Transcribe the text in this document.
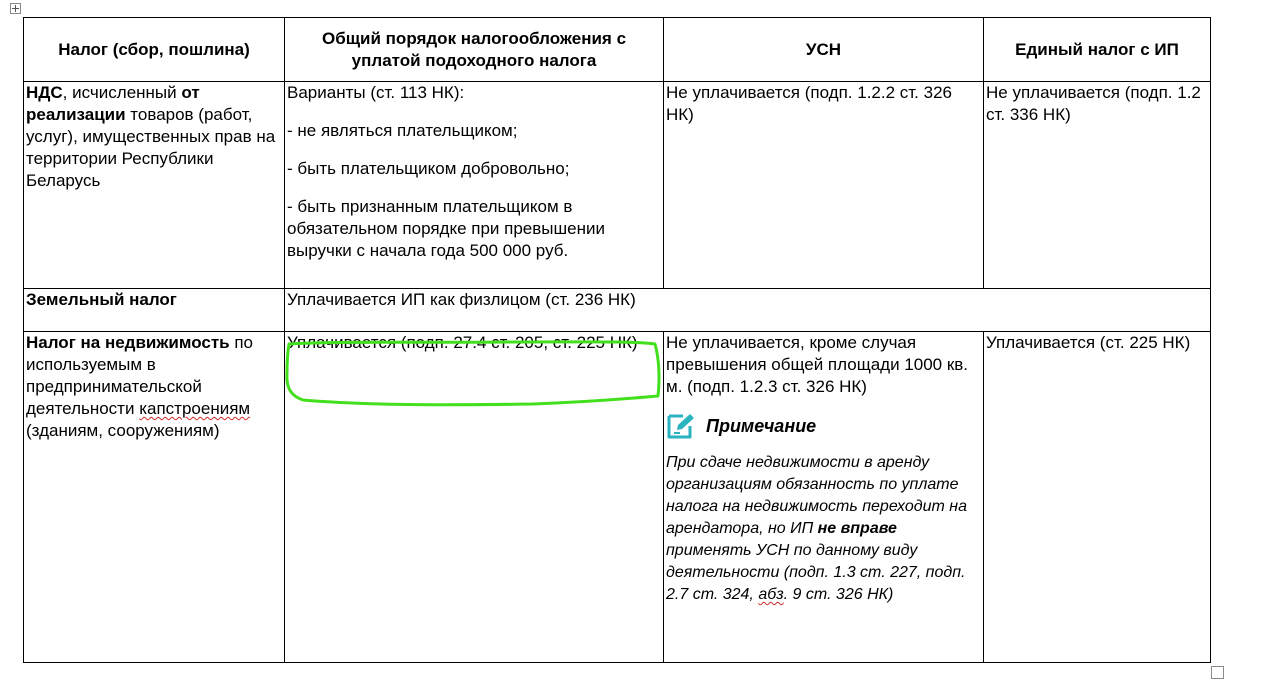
Налог (сбор, пошлина)	Общий порядок налогообложения с уплатой подоходного налога	УСН	Единый налог с ИП
НДС, исчисленный от реализации товаров (работ, услуг), имущественных прав на территории Республики Беларусь	Варианты (ст. 113 НК):

- не являться плательщиком;

- быть плательщиком добровольно;

- быть признанным плательщиком в обязательном порядке при превышении выручки с начала года 500 000 руб.	Не уплачивается (подп. 1.2.2 ст. 326 НК)	Не уплачивается (подп. 1.2 ст. 336 НК)
Земельный налог	Уплачивается ИП как физлицом (ст. 236 НК)		
Налог на недвижимость по используемым в предпринимательской деятельности капстроениям (зданиям, сооружениям)	Уплачивается (подп. 27.4 ст. 205, ст. 225 НК)	Не уплачивается, кроме случая превышения общей площади 1000 кв. м. (подп. 1.2.3 ст. 326 НК)
Примечание
При сдаче недвижимости в аренду организациям обязанность по уплате налога на недвижимость переходит на арендатора, но ИП не вправе применять УСН по данному виду деятельности (подп. 1.3 ст. 227, подп. 2.7 ст. 324, абз. 9 ст. 326 НК)	Уплачивается (ст. 225 НК)
